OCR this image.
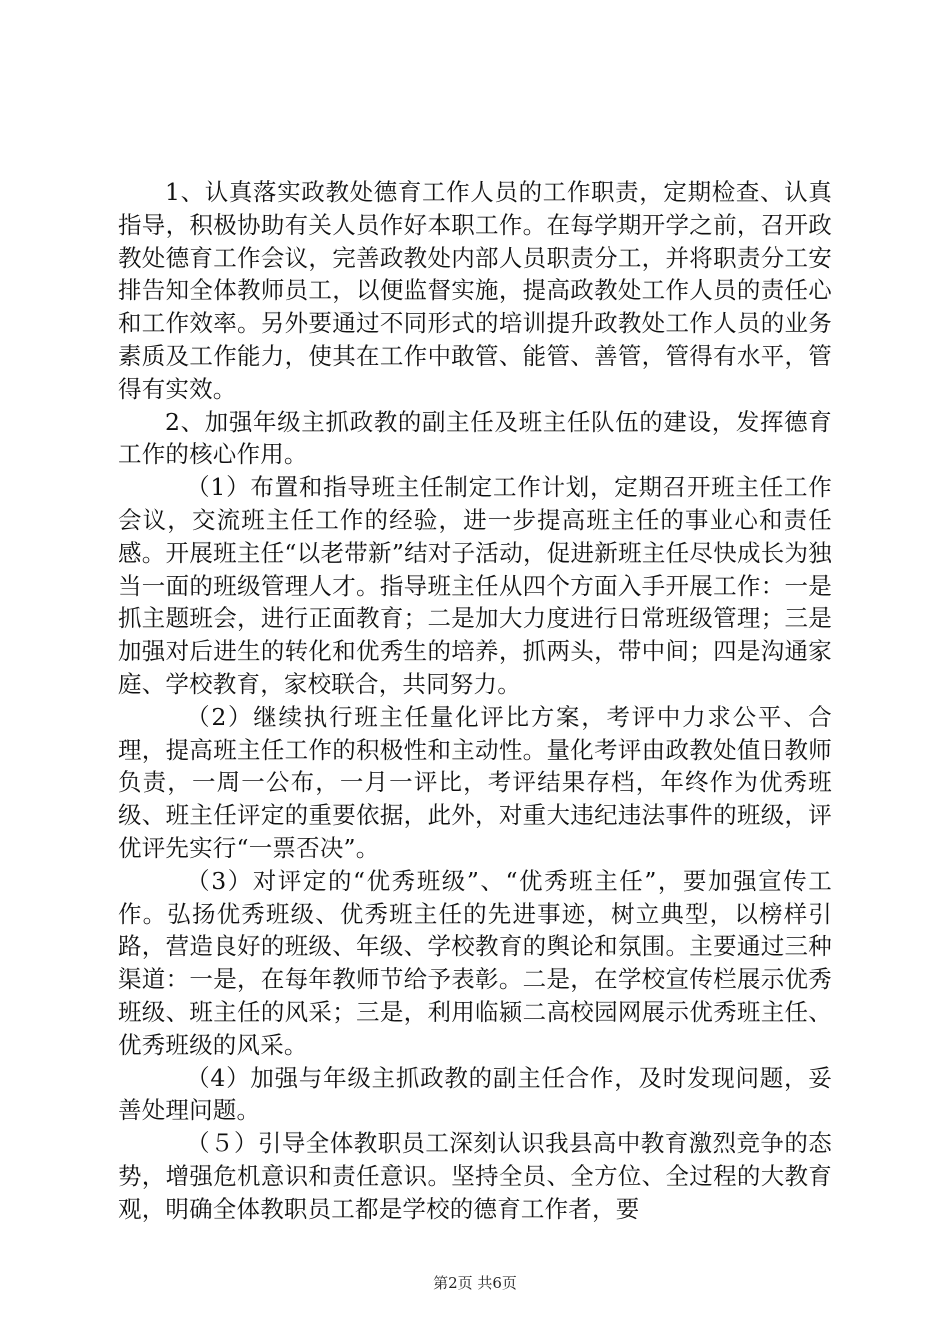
1、认真落实政教处德育工作人员的工作职责，定期检查、认真指导，积极协助有关人员作好本职工作。在每学期开学之前，召开政教处德育工作会议，完善政教处内部人员职责分工，并将职责分工安排告知全体教师员工，以便监督实施，提高政教处工作人员的责任心和工作效率。另外要通过不同形式的培训提升政教处工作人员的业务素质及工作能力，使其在工作中敢管、能管、善管，管得有水平，管得有实效。

2、加强年级主抓政教的副主任及班主任队伍的建设，发挥德育工作的核心作用。

（1）布置和指导班主任制定工作计划，定期召开班主任工作会议，交流班主任工作的经验，进一步提高班主任的事业心和责任感。开展班主任“以老带新”结对子活动，促进新班主任尽快成长为独当一面的班级管理人才。指导班主任从四个方面入手开展工作：一是抓主题班会，进行正面教育；二是加大力度进行日常班级管理；三是加强对后进生的转化和优秀生的培养，抓两头，带中间；四是沟通家庭、学校教育，家校联合，共同努力。

（2）继续执行班主任量化评比方案，考评中力求公平、合理，提高班主任工作的积极性和主动性。量化考评由政教处值日教师负责，一周一公布，一月一评比，考评结果存档，年终作为优秀班级、班主任评定的重要依据，此外，对重大违纪违法事件的班级，评优评先实行“一票否决”。

（3）对评定的“优秀班级”、“优秀班主任”，要加强宣传工作。弘扬优秀班级、优秀班主任的先进事迹，树立典型，以榜样引路，营造良好的班级、年级、学校教育的舆论和氛围。主要通过三种渠道：一是，在每年教师节给予表彰。二是，在学校宣传栏展示优秀班级、班主任的风采；三是，利用临颍二高校园网展示优秀班主任、优秀班级的风采。

（4）加强与年级主抓政教的副主任合作，及时发现问题，妥善处理问题。

（５）引导全体教职员工深刻认识我县高中教育激烈竞争的态势，增强危机意识和责任意识。坚持全员、全方位、全过程的大教育观，明确全体教职员工都是学校的德育工作者，要

第2页 共6页
